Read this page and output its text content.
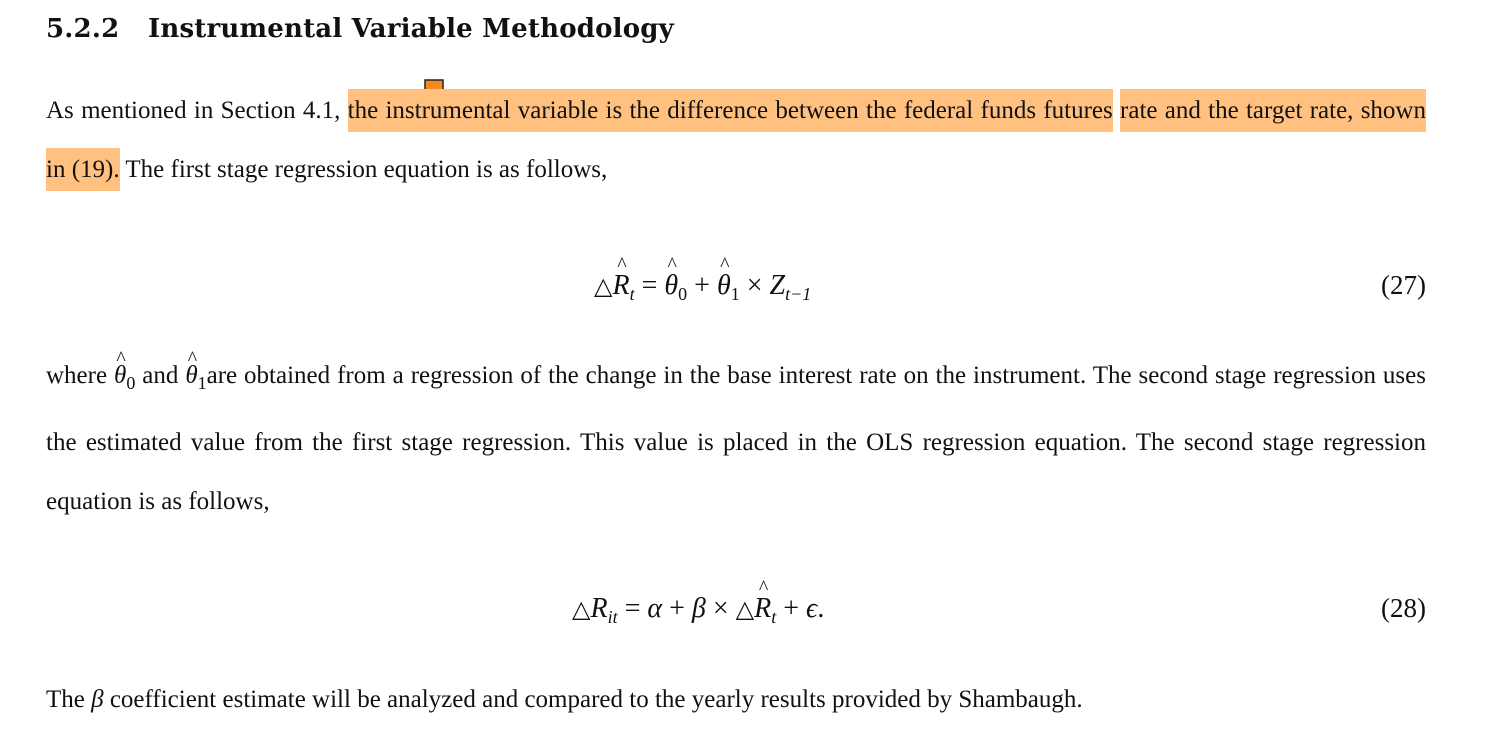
5.2.2 Instrumental Variable Methodology

As mentioned in Section 4.1, the instrumental variable is the difference between the federal funds futures rate and the target rate, shown in (19). The first stage regression equation is as follows,

△^ $R_t$ = ^ $\theta_0$ + ^ $\theta_1 \times Z_{t-1}$	(27)

where ^ $\theta_0$ and ^ $\theta_1are$ obtained from a regression of the change in the base interest rate on the instrument. The second stage regression uses the estimated value from the first stage regression. This value is placed in the OLS regression equation. The second stage regression equation is as follows,

$\triangle R_{it} = \alpha + \beta$ × △^ $R_t + \epsilon$.	(28)

The β coefficient estimate will be analyzed and compared to the yearly results provided by Shambaugh.
